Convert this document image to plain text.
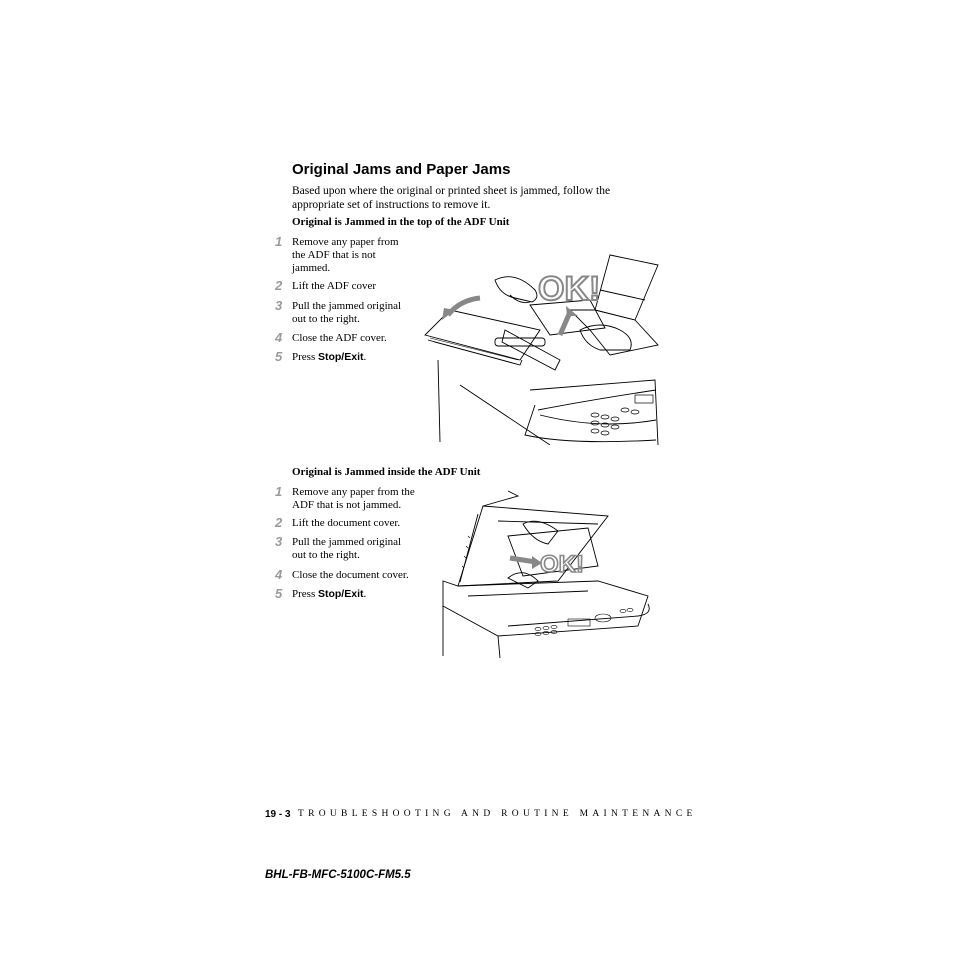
Original Jams and Paper Jams
Based upon where the original or printed sheet is jammed, follow the appropriate set of instructions to remove it.
Original is Jammed in the top of the ADF Unit
1 Remove any paper from
the ADF that is not
jammed.
2 Lift the ADF cover
3 Pull the jammed original
out to the right.
4 Close the ADF cover.
5 Press Stop/Exit.
OK!
Original is Jammed inside the ADF Unit
1 Remove any paper from the
ADF that is not jammed.
2 Lift the document cover.
3 Pull the jammed original
out to the right.
4 Close the document cover.
5 Press Stop/Exit.
OK!
19 - 3 TROUBLESHOOTING AND ROUTINE MAINTENANCE
BHL-FB-MFC-5100C-FM5.5
